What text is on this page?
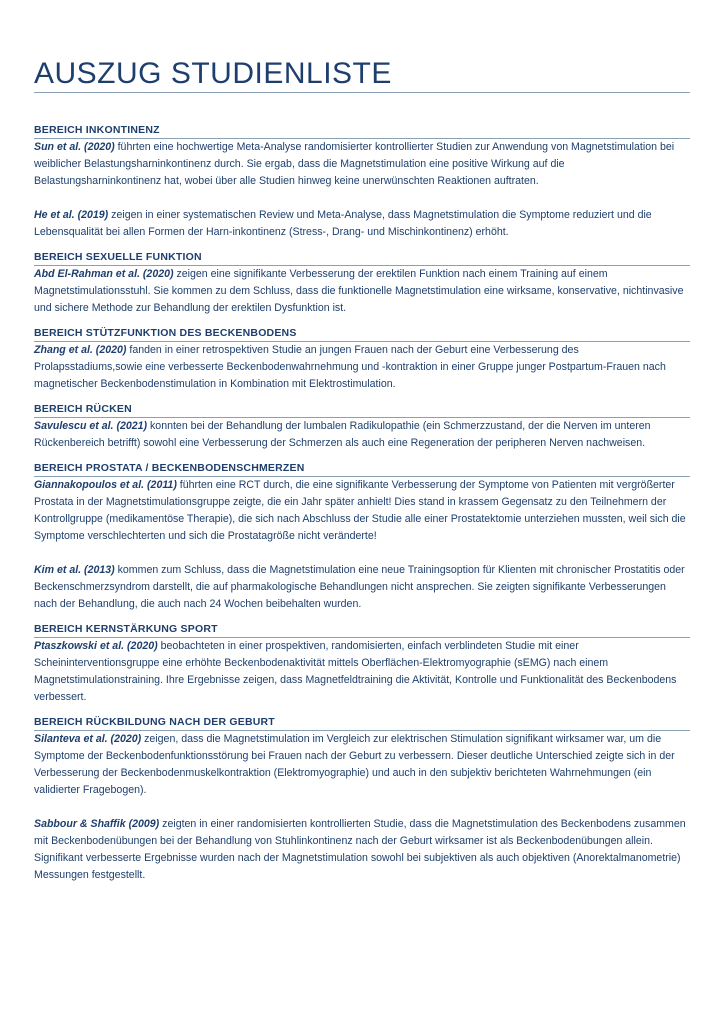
AUSZUG STUDIENLISTE
BEREICH INKONTINENZ

Sun et al. (2020) führten eine hochwertige Meta-Analyse randomisierter kontrollierter Studien zur Anwendung von Magnetstimulation bei weiblicher Belastungsharninkontinenz durch. Sie ergab, dass die Magnetstimulation eine positive Wirkung auf die Belastungsharninkontinenz hat, wobei über alle Studien hinweg keine unerwünschten Reaktionen auftraten.

He et al. (2019) zeigen in einer systematischen Review und Meta-Analyse, dass Magnetstimulation die Symptome reduziert und die Lebensqualität bei allen Formen der Harn-inkontinenz (Stress-, Drang- und Mischinkontinenz) erhöht.

BEREICH SEXUELLE FUNKTION

Abd El-Rahman et al. (2020) zeigen eine signifikante Verbesserung der erektilen Funktion nach einem Training auf einem Magnetstimulationsstuhl. Sie kommen zu dem Schluss, dass die funktionelle Magnetstimulation eine wirksame, konservative, nichtinvasive und sichere Methode zur Behandlung der erektilen Dysfunktion ist.

BEREICH STÜTZFUNKTION DES BECKENBODENS

Zhang et al. (2020) fanden in einer retrospektiven Studie an jungen Frauen nach der Geburt eine Verbesserung des Prolapsstadiums,sowie eine verbesserte Beckenbodenwahrnehmung und -kontraktion in einer Gruppe junger Postpartum-Frauen nach magnetischer Beckenbodenstimulation in Kombination mit Elektrostimulation.

BEREICH RÜCKEN

Savulescu et al. (2021) konnten bei der Behandlung der lumbalen Radikulopathie (ein Schmerzzustand, der die Nerven im unteren Rückenbereich betrifft) sowohl eine Verbesserung der Schmerzen als auch eine Regeneration der peripheren Nerven nachweisen.

BEREICH PROSTATA / BECKENBODENSCHMERZEN

Giannakopoulos et al. (2011) führten eine RCT durch, die eine signifikante Verbesserung der Symptome von Patienten mit vergrößerter Prostata in der Magnetstimulationsgruppe zeigte, die ein Jahr später anhielt! Dies stand in krassem Gegensatz zu den Teilnehmern der Kontrollgruppe (medikamentöse Therapie), die sich nach Abschluss der Studie alle einer Prostatektomie unterziehen mussten, weil sich die Symptome verschlechterten und sich die Prostatagröße nicht veränderte!

Kim et al. (2013) kommen zum Schluss, dass die Magnetstimulation eine neue Trainingsoption für Klienten mit chronischer Prostatitis oder Beckenschmerzsyndrom darstellt, die auf pharmakologische Behandlungen nicht ansprechen. Sie zeigten signifikante Verbesserungen nach der Behandlung, die auch nach 24 Wochen beibehalten wurden.

BEREICH KERNSTÄRKUNG SPORT

Ptaszkowski et al. (2020) beobachteten in einer prospektiven, randomisierten, einfach verblindeten Studie mit einer Scheininterventionsgruppe eine erhöhte Beckenbodenaktivität mittels Oberflächen-Elektromyographie (sEMG) nach einem Magnetstimulationstraining. Ihre Ergebnisse zeigen, dass Magnetfeldtraining die Aktivität, Kontrolle und Funktionalität des Beckenbodens verbessert.

BEREICH RÜCKBILDUNG NACH DER GEBURT

Silanteva et al. (2020) zeigen, dass die Magnetstimulation im Vergleich zur elektrischen Stimulation signifikant wirksamer war, um die Symptome der Beckenbodenfunktionsstörung bei Frauen nach der Geburt zu verbessern. Dieser deutliche Unterschied zeigte sich in der Verbesserung der Beckenbodenmuskelkontraktion (Elektromyographie) und auch in den subjektiv berichteten Wahrnehmungen (ein validierter Fragebogen).

Sabbour & Shaffik (2009) zeigten in einer randomisierten kontrollierten Studie, dass die Magnetstimulation des Beckenbodens zusammen mit Beckenbodenübungen bei der Behandlung von Stuhlinkontinenz nach der Geburt wirksamer ist als Beckenbodenübungen allein. Signifikant verbesserte Ergebnisse wurden nach der Magnetstimulation sowohl bei subjektiven als auch objektiven (Anorektalmanometrie) Messungen festgestellt.
